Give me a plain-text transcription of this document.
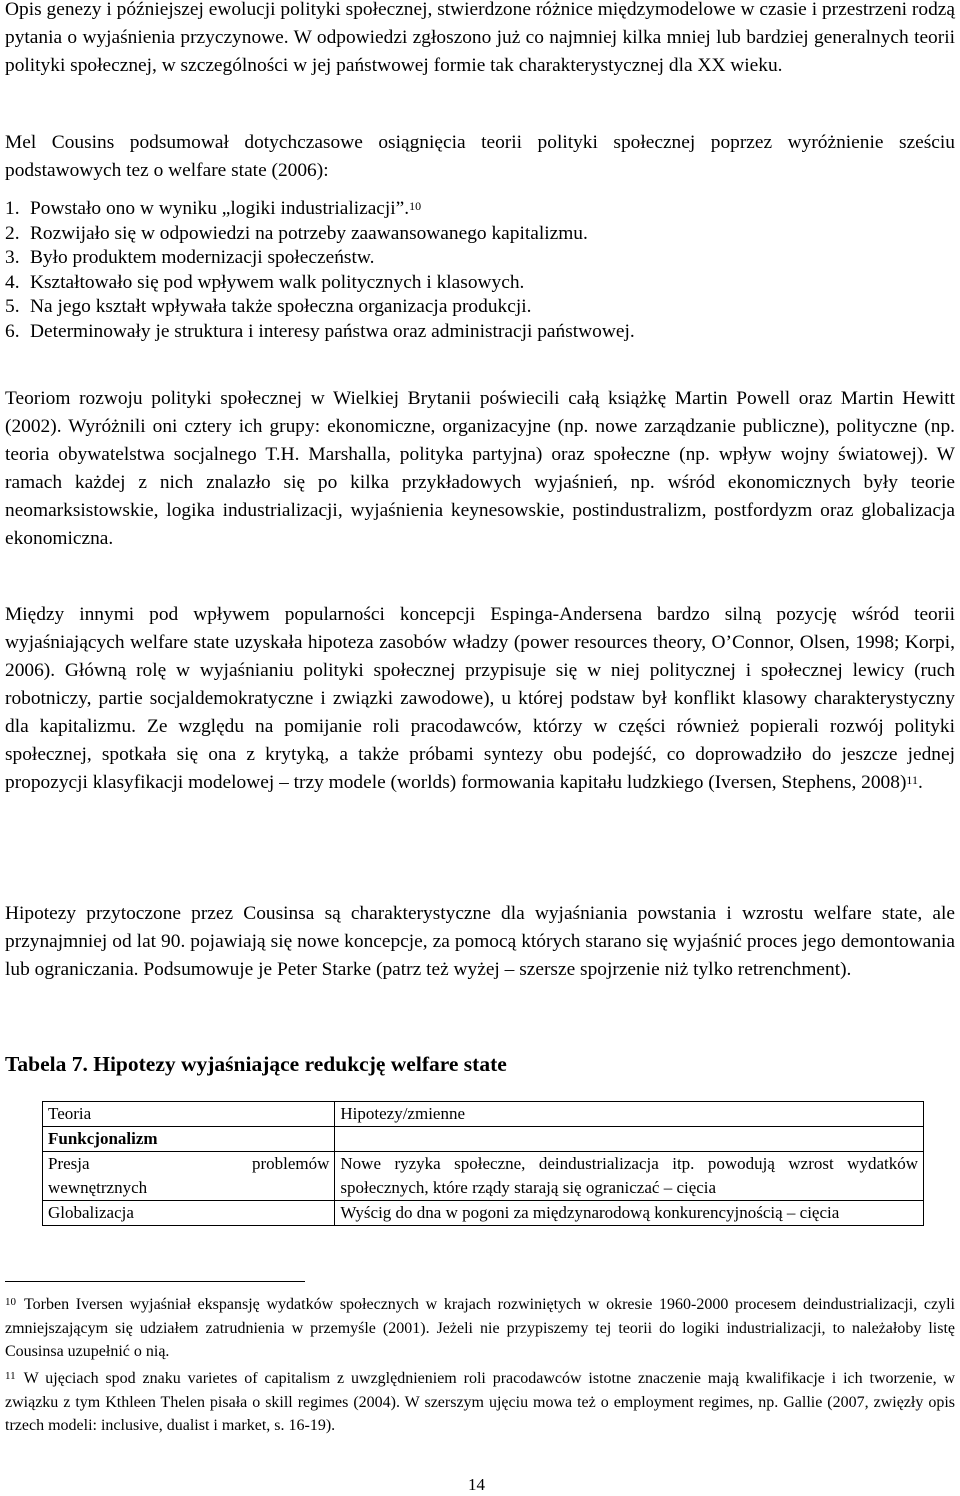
Opis genezy i późniejszej ewolucji polityki społecznej, stwierdzone różnice międzymodelowe w czasie i przestrzeni rodzą pytania o wyjaśnienia przyczynowe. W odpowiedzi zgłoszono już co najmniej kilka mniej lub bardziej generalnych teorii polityki społecznej, w szczególności w jej państwowej formie tak charakterystycznej dla XX wieku.

Mel Cousins podsumował dotychczasowe osiągnięcia teorii polityki społecznej poprzez wyróżnienie sześciu podstawowych tez o welfare state (2006):

1. Powstało ono w wyniku „logiki industrializacji”.$^{10}$
2. Rozwijało się w odpowiedzi na potrzeby zaawansowanego kapitalizmu.
3. Było produktem modernizacji społeczeństw.
4. Kształtowało się pod wpływem walk politycznych i klasowych.
5. Na jego kształt wpływała także społeczna organizacja produkcji.
6. Determinowały je struktura i interesy państwa oraz administracji państwowej.

Teoriom rozwoju polityki społecznej w Wielkiej Brytanii poświecili całą książkę Martin Powell oraz Martin Hewitt (2002). Wyróżnili oni cztery ich grupy: ekonomiczne, organizacyjne (np. nowe zarządzanie publiczne), polityczne (np. teoria obywatelstwa socjalnego T.H. Marshalla, polityka partyjna) oraz społeczne (np. wpływ wojny światowej). W ramach każdej z nich znalazło się po kilka przykładowych wyjaśnień, np. wśród ekonomicznych były teorie neomarksistowskie, logika industrializacji, wyjaśnienia keynesowskie, postindustralizm, postfordyzm oraz globalizacja ekonomiczna.

Między innymi pod wpływem popularności koncepcji Espinga-Andersena bardzo silną pozycję wśród teorii wyjaśniających welfare state uzyskała hipoteza zasobów władzy (power resources theory, O’Connor, Olsen, 1998; Korpi, 2006). Główną rolę w wyjaśnianiu polityki społecznej przypisuje się w niej politycznej i społecznej lewicy (ruch robotniczy, partie socjaldemokratyczne i związki zawodowe), u której podstaw był konflikt klasowy charakterystyczny dla kapitalizmu. Ze względu na pomijanie roli pracodawców, którzy w części również popierali rozwój polityki społecznej, spotkała się ona z krytyką, a także próbami syntezy obu podejść, co doprowadziło do jeszcze jednej propozycji klasyfikacji modelowej – trzy modele (worlds) formowania kapitału ludzkiego (Iversen, Stephens, 2008)$^{11}$.

Hipotezy przytoczone przez Cousinsa są charakterystyczne dla wyjaśniania powstania i wzrostu welfare state, ale przynajmniej od lat 90. pojawiają się nowe koncepcje, za pomocą których starano się wyjaśnić proces jego demontowania lub ograniczania. Podsumowuje je Peter Starke (patrz też wyżej – szersze spojrzenie niż tylko retrenchment).

Tabela 7. Hipotezy wyjaśniające redukcję welfare state
Teoria	Hipotezy/zmienne
Funkcjonalizm	

Presja problemów
wewnętrznych	Nowe ryzyka społeczne, deindustrializacja itp. powodują wzrost wydatków społecznych, które rządy starają się ograniczać – cięcia
Globalizacja	Wyścig do dna w pogoni za międzynarodową konkurencyjnością – cięcia
$^{10}$ Torben Iversen wyjaśniał ekspansję wydatków społecznych w krajach rozwiniętych w okresie 1960-2000 procesem deindustrializacji, czyli zmniejszającym się udziałem zatrudnienia w przemyśle (2001). Jeżeli nie przypiszemy tej teorii do logiki industrializacji, to należałoby listę Cousinsa uzupełnić o nią.
$^{11}$ W ujęciach spod znaku varietes of capitalism z uwzględnieniem roli pracodawców istotne znaczenie mają kwalifikacje i ich tworzenie, w związku z tym Kthleen Thelen pisała o skill regimes (2004). W szerszym ujęciu mowa też o employment regimes, np. Gallie (2007, zwięzły opis trzech modeli: inclusive, dualist i market, s. 16-19).
14
